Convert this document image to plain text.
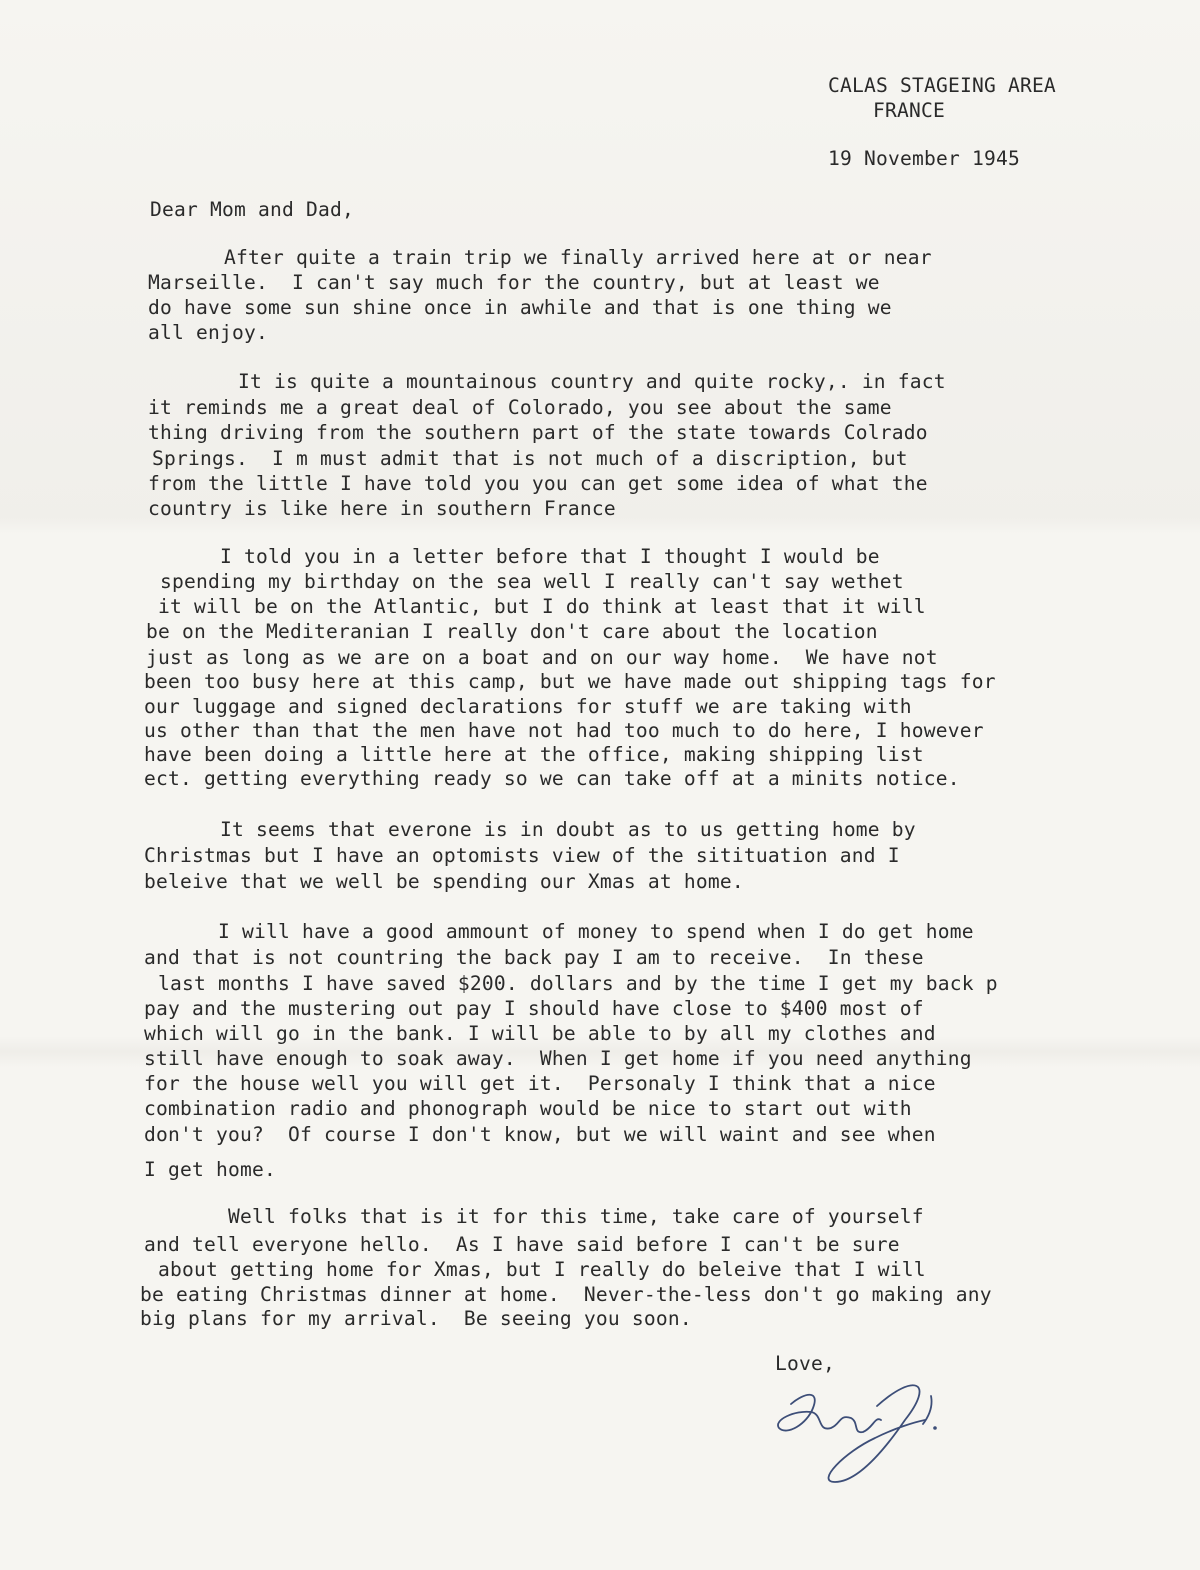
CALAS STAGEING AREA

FRANCE

19 November 1945

Dear Mom and Dad,

After quite a train trip we finally arrived here at or near

Marseille.  I can't say much for the country, but at least we

do have some sun shine once in awhile and that is one thing we

all enjoy.

It is quite a mountainous country and quite rocky,. in fact

it reminds me a great deal of Colorado, you see about the same

thing driving from the southern part of the state towards Colrado

Springs.  I m must admit that is not much of a discription, but

from the little I have told you you can get some idea of what the

country is like here in southern France

I told you in a letter before that I thought I would be

spending my birthday on the sea well I really can't say wethet

it will be on the Atlantic, but I do think at least that it will

be on the Mediteranian I really don't care about the location

just as long as we are on a boat and on our way home.  We have not

been too busy here at this camp, but we have made out shipping tags for

our luggage and signed declarations for stuff we are taking with

us other than that the men have not had too much to do here, I however

have been doing a little here at the office, making shipping list

ect. getting everything ready so we can take off at a minits notice.

It seems that everone is in doubt as to us getting home by

Christmas but I have an optomists view of the sitituation and I

beleive that we well be spending our Xmas at home.

I will have a good ammount of money to spend when I do get home

and that is not countring the back pay I am to receive.  In these

last months I have saved $200. dollars and by the time I get my back p

pay and the mustering out pay I should have close to $400 most of

which will go in the bank. I will be able to by all my clothes and

still have enough to soak away.  When I get home if you need anything

for the house well you will get it.  Personaly I think that a nice

combination radio and phonograph would be nice to start out with

don't you?  Of course I don't know, but we will waint and see when

I get home.

Well folks that is it for this time, take care of yourself

and tell everyone hello.  As I have said before I can't be sure

about getting home for Xmas, but I really do beleive that I will

be eating Christmas dinner at home.  Never-the-less don't go making any

big plans for my arrival.  Be seeing you soon.

Love,
